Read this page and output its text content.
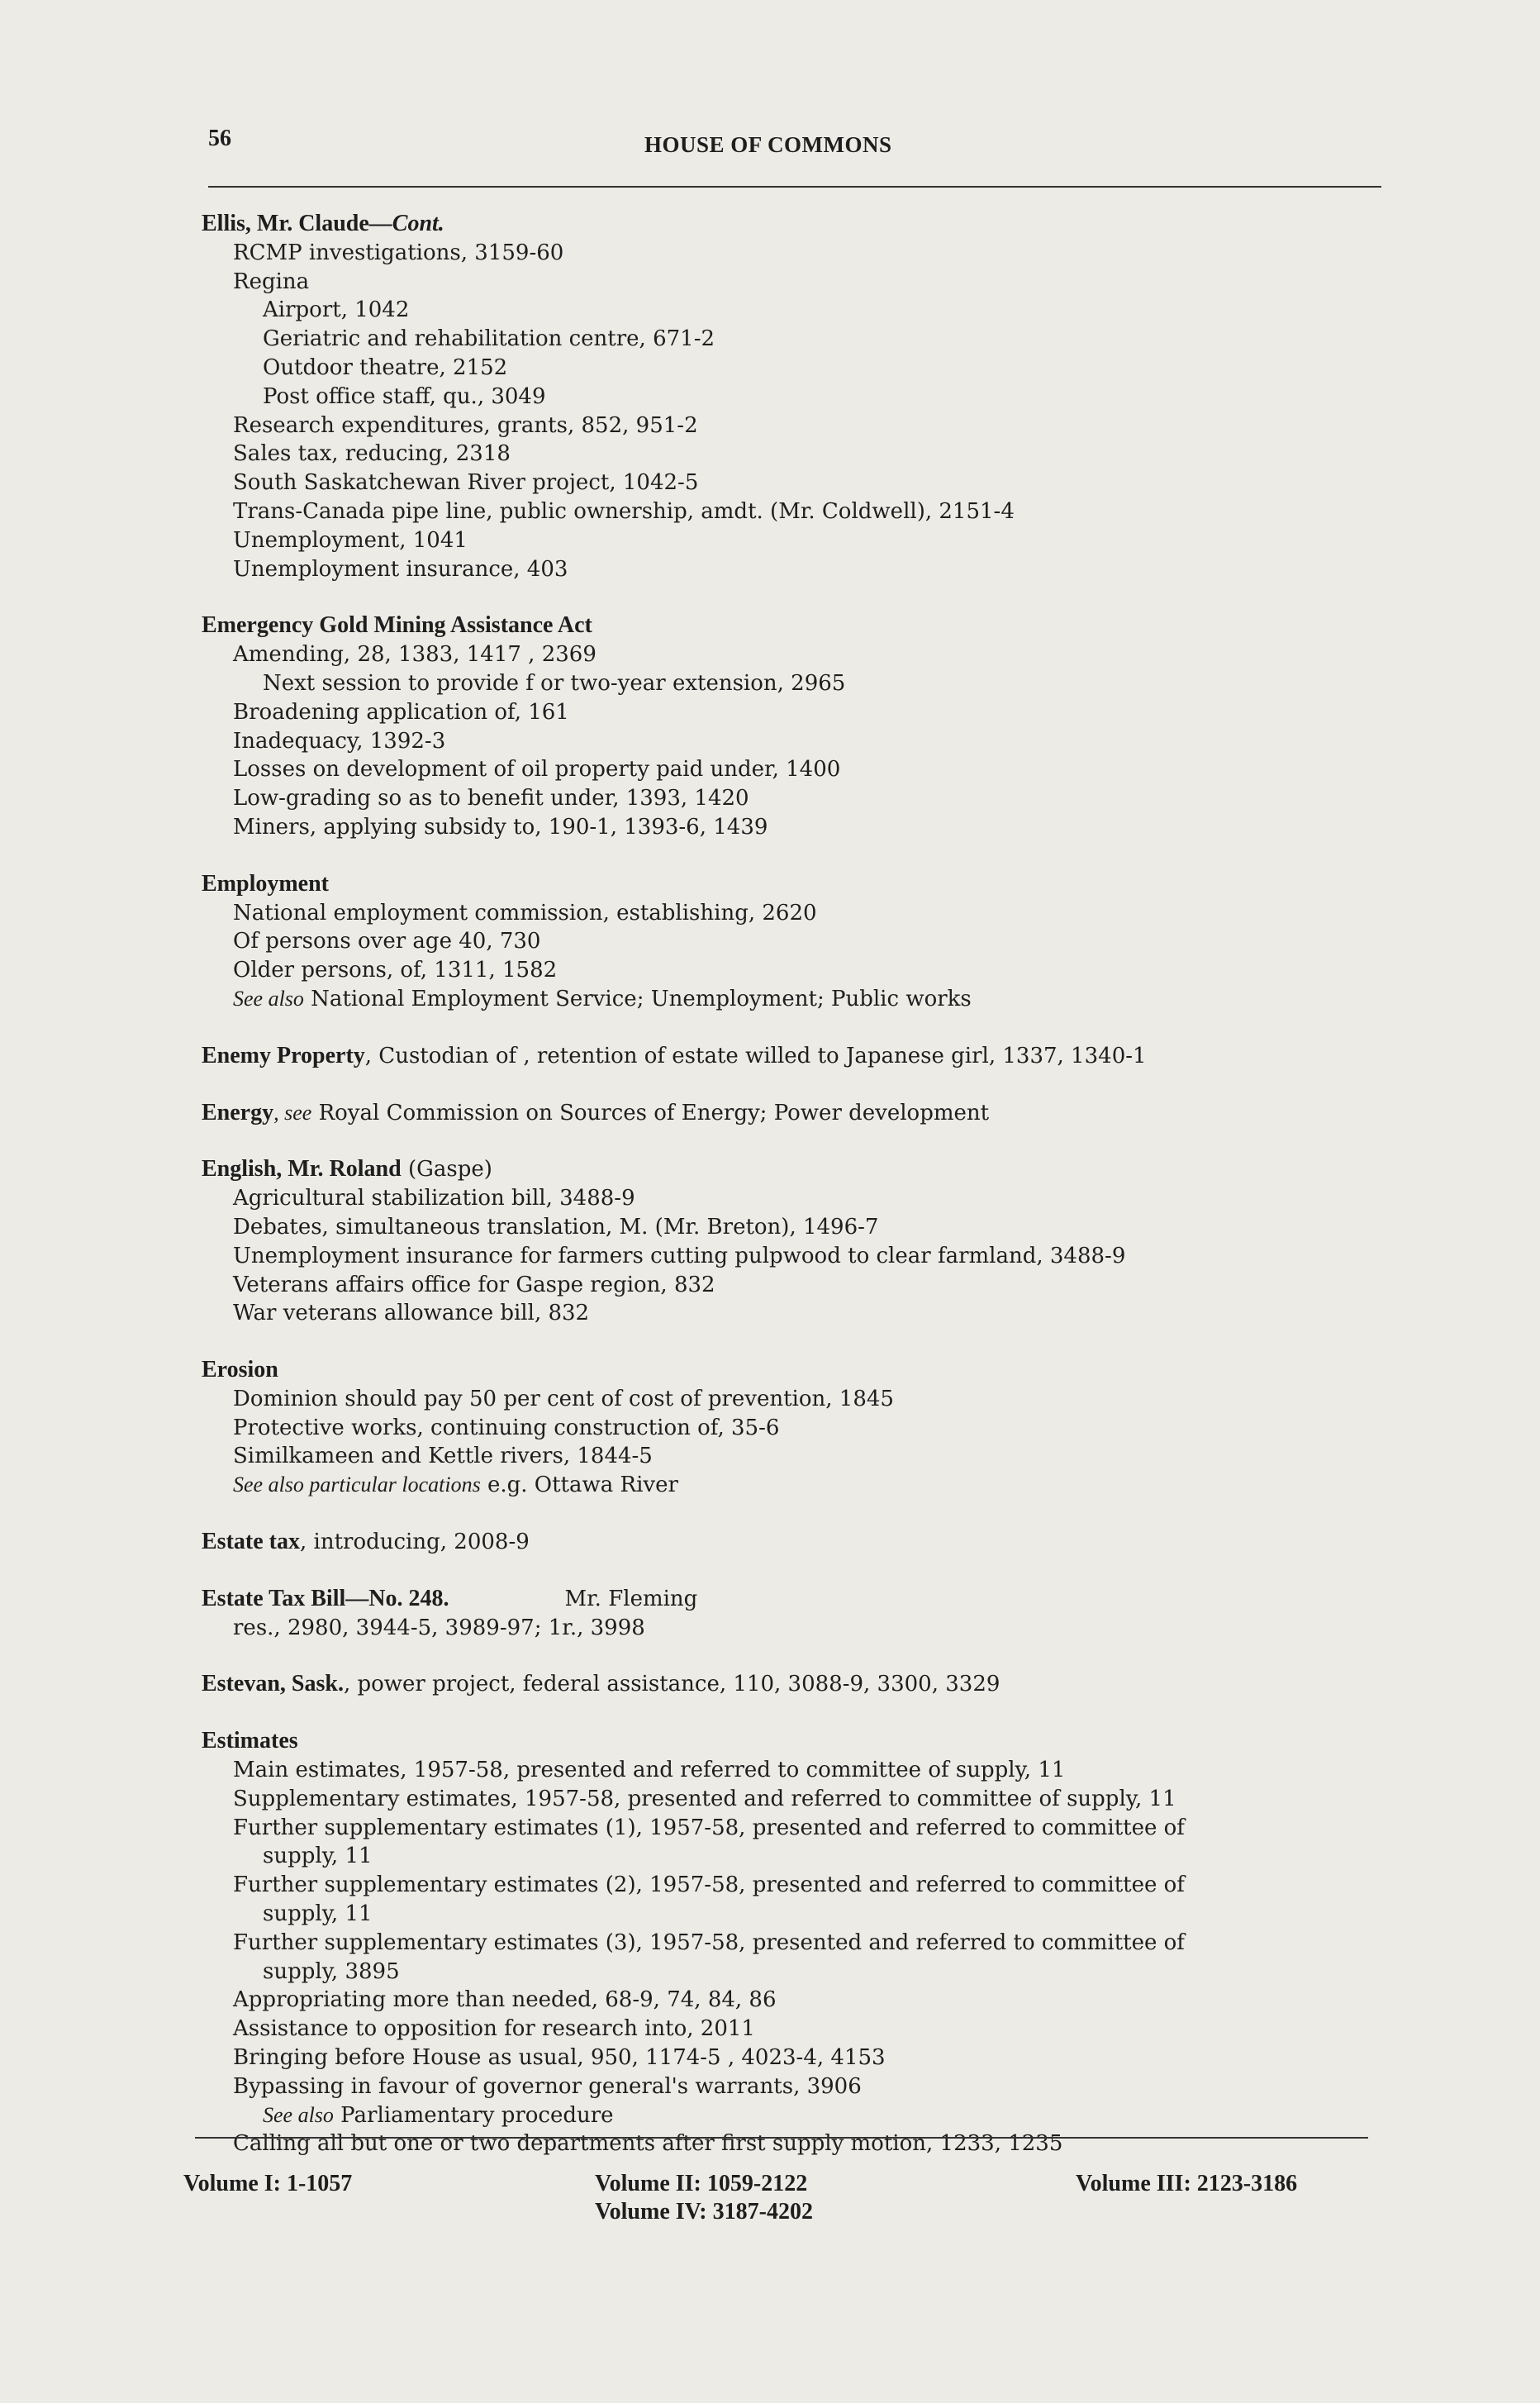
56	HOUSE OF COMMONS
Ellis, Mr. Claude—Cont.
RCMP investigations, 3159-60
Regina
Airport, 1042
Geriatric and rehabilitation centre, 671-2
Outdoor theatre, 2152
Post office staff, qu., 3049
Research expenditures, grants, 852, 951-2
Sales tax, reducing, 2318
South Saskatchewan River project, 1042-5
Trans-Canada pipe line, public ownership, amdt. (Mr. Coldwell), 2151-4
Unemployment, 1041
Unemployment insurance, 403
Emergency Gold Mining Assistance Act
Amending, 28, 1383, 1417 , 2369
Next session to provide f or two-year extension, 2965
Broadening application of, 161
Inadequacy, 1392-3
Losses on development of oil property paid under, 1400
Low-grading so as to benefit under, 1393, 1420
Miners, applying subsidy to, 190-1, 1393-6, 1439
Employment
National employment commission, establishing, 2620
Of persons over age 40, 730
Older persons, of, 1311, 1582
See also National Employment Service; Unemployment; Public works
Enemy Property, Custodian of , retention of estate willed to Japanese girl, 1337, 1340-1
Energy, see Royal Commission on Sources of Energy; Power development
English, Mr. Roland (Gaspe)
Agricultural stabilization bill, 3488-9
Debates, simultaneous translation, M. (Mr. Breton), 1496-7
Unemployment insurance for farmers cutting pulpwood to clear farmland, 3488-9
Veterans affairs office for Gaspe region, 832
War veterans allowance bill, 832
Erosion
Dominion should pay 50 per cent of cost of prevention, 1845
Protective works, continuing construction of, 35-6
Similkameen and Kettle rivers, 1844-5
See also particular locations e.g. Ottawa River
Estate tax, introducing, 2008-9
Estate Tax Bill—No. 248.	Mr. Fleming
res., 2980, 3944-5, 3989-97; 1r., 3998
Estevan, Sask., power project, federal assistance, 110, 3088-9, 3300, 3329
Estimates
Main estimates, 1957-58, presented and referred to committee of supply, 11
Supplementary estimates, 1957-58, presented and referred to committee of supply, 11
Further supplementary estimates (1), 1957-58, presented and referred to committee of
supply, 11
Further supplementary estimates (2), 1957-58, presented and referred to committee of
supply, 11
Further supplementary estimates (3), 1957-58, presented and referred to committee of
supply, 3895
Appropriating more than needed, 68-9, 74, 84, 86
Assistance to opposition for research into, 2011
Bringing before House as usual, 950, 1174-5 , 4023-4, 4153
Bypassing in favour of governor general's warrants, 3906
See also Parliamentary procedure
Calling all but one or two departments after first supply motion, 1233, 1235
Volume I: 1-1057	Volume II: 1059-2122
Volume IV: 3187-4202
Volume III: 2123-3186
